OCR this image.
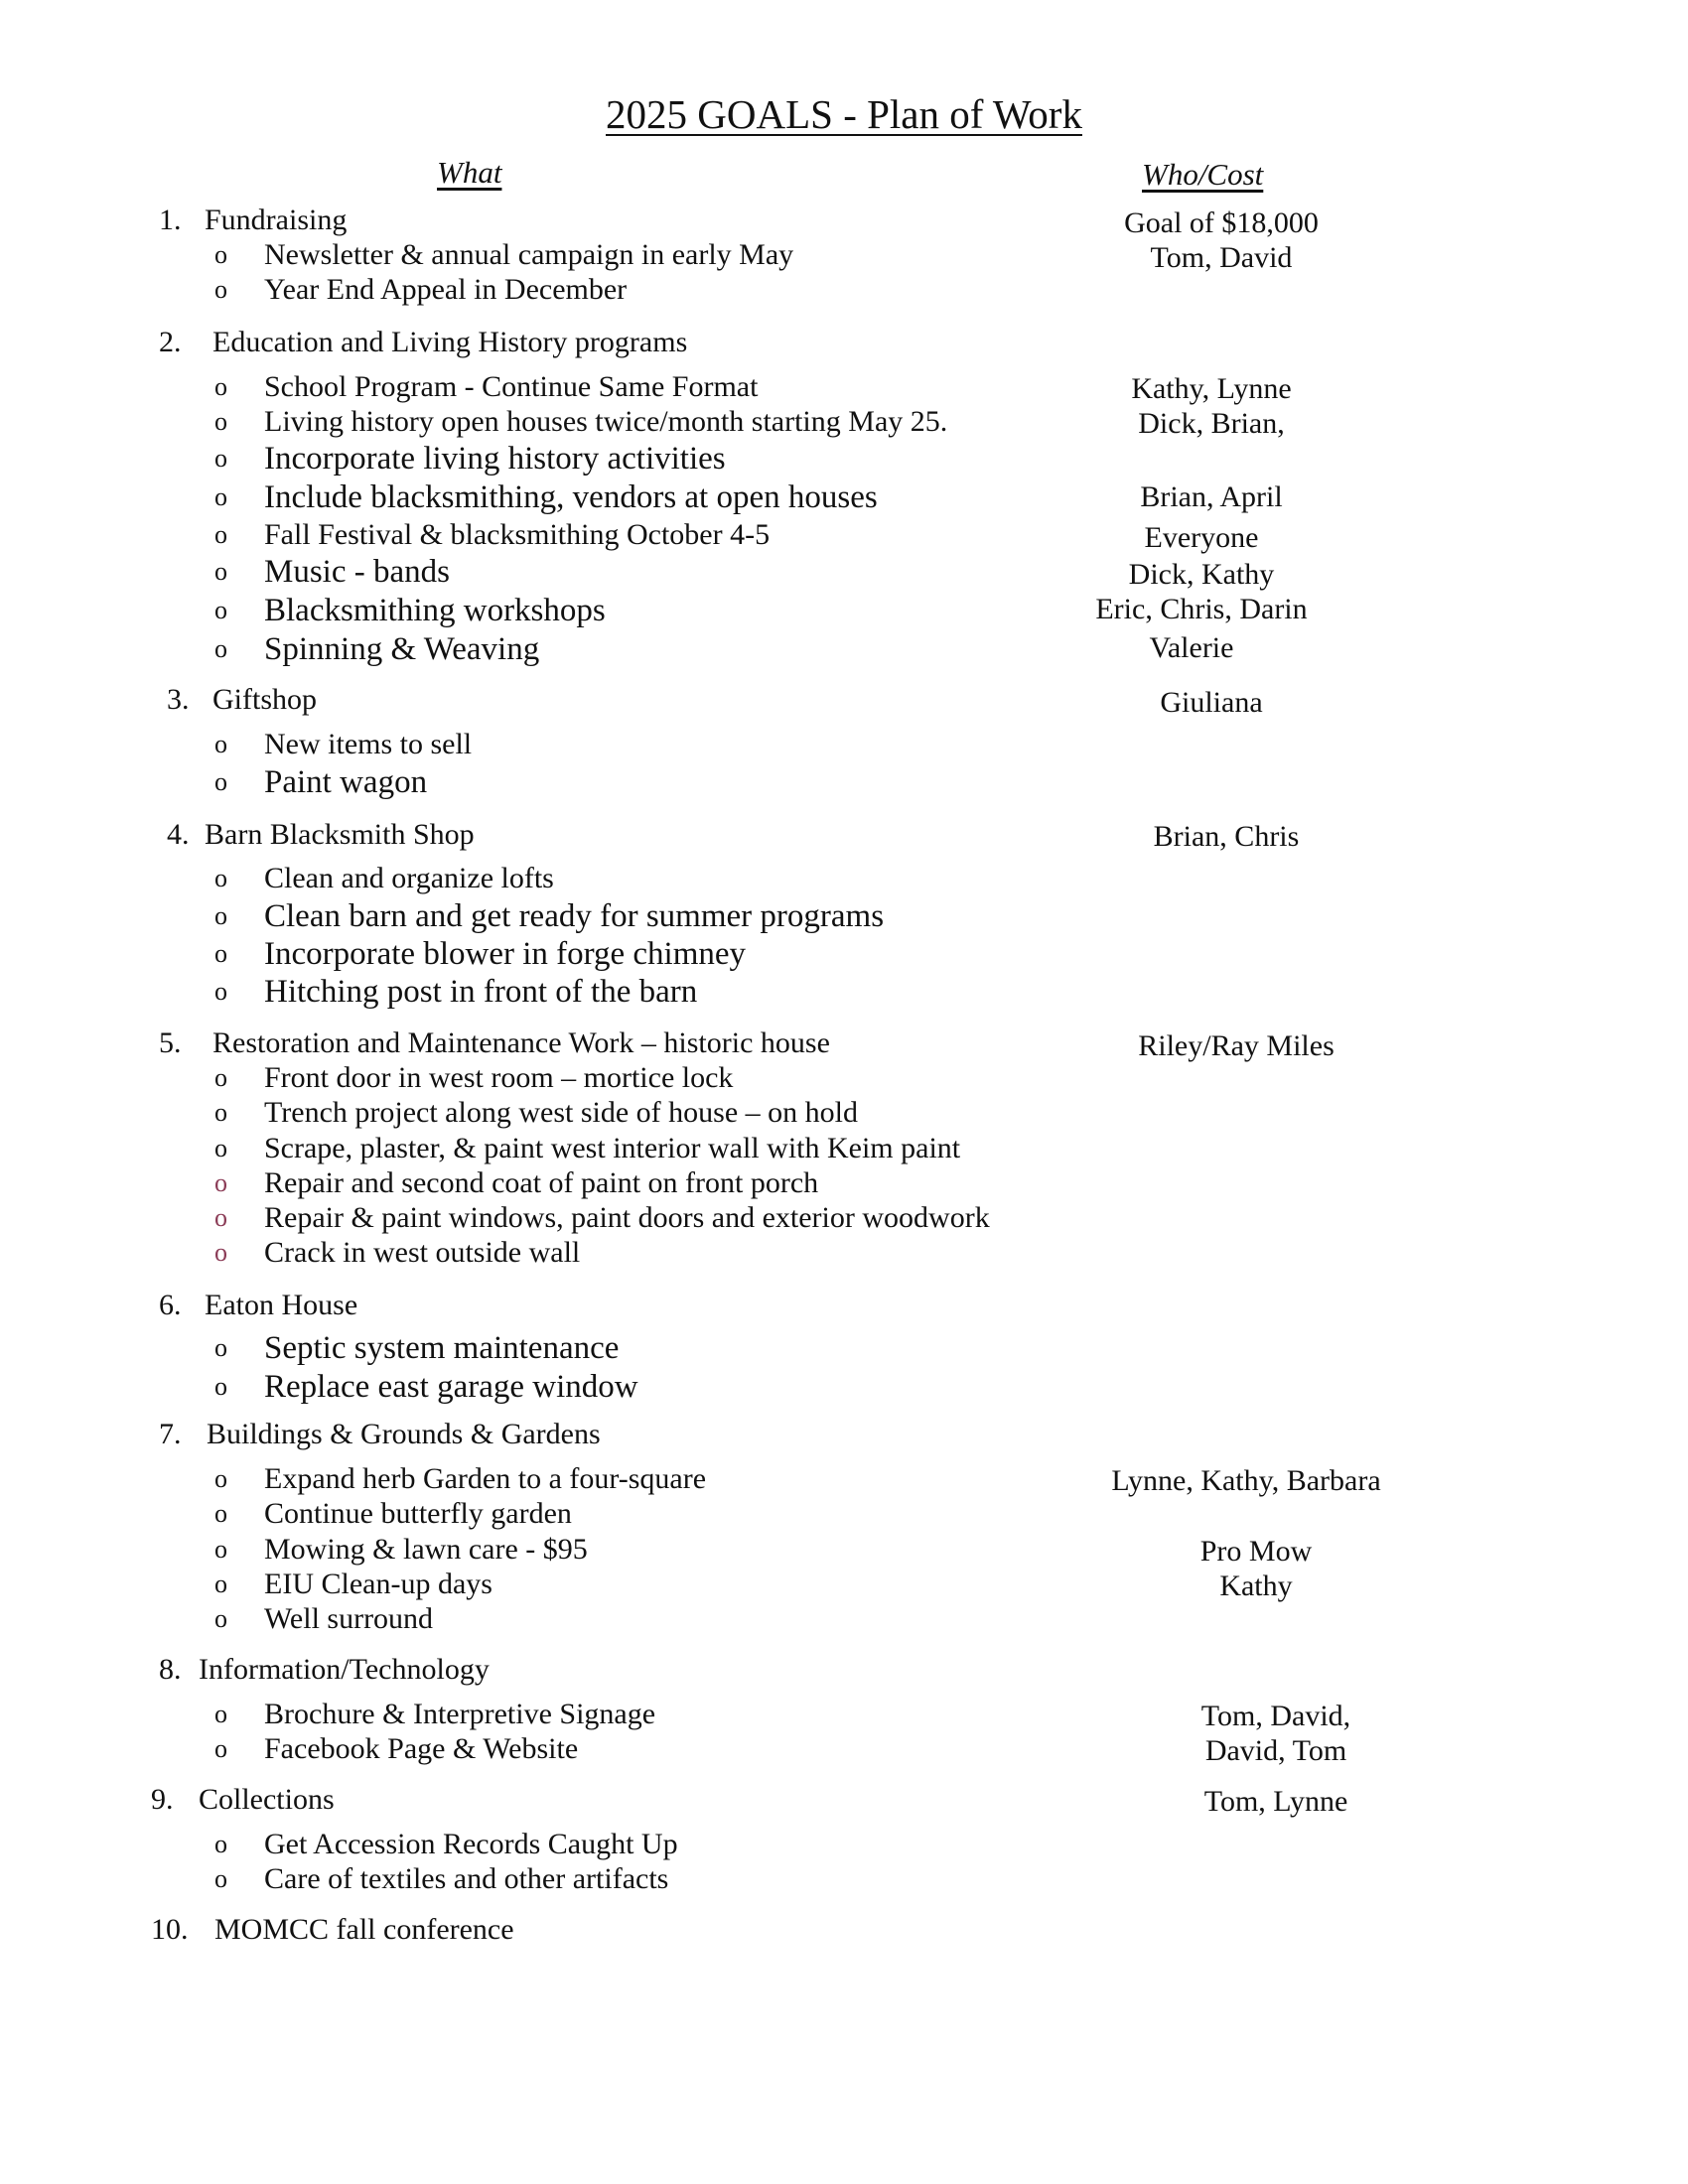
2025 GOALS - Plan of Work
What	Who/Cost
1. Fundraising	Goal of $18,000
o Newsletter & annual campaign in early May	Tom, David
o Year End Appeal in December
2. Education and Living History programs
o School Program - Continue Same Format	Kathy, Lynne
o Living history open houses twice/month starting May 25.	Dick, Brian,
o Incorporate living history activities
o Include blacksmithing, vendors at open houses	Brian, April
o Fall Festival & blacksmithing October 4-5	Everyone
o Music - bands	Dick, Kathy
o Blacksmithing workshops	Eric, Chris, Darin
o Spinning & Weaving	Valerie
3. Giftshop	Giuliana
o New items to sell
o Paint wagon
4. Barn Blacksmith Shop	Brian, Chris
o Clean and organize lofts
o Clean barn and get ready for summer programs
o Incorporate blower in forge chimney
o Hitching post in front of the barn
5. Restoration and Maintenance Work – historic house	Riley/Ray Miles
o Front door in west room – mortice lock
o Trench project along west side of house – on hold
o Scrape, plaster, & paint west interior wall with Keim paint
o Repair and second coat of paint on front porch
o Repair & paint windows, paint doors and exterior woodwork
o Crack in west outside wall
6. Eaton House
o Septic system maintenance
o Replace east garage window
7. Buildings & Grounds & Gardens
o Expand herb Garden to a four-square	Lynne, Kathy, Barbara
o Continue butterfly garden
o Mowing & lawn care - $95	Pro Mow
o EIU Clean-up days	Kathy
o Well surround
8. Information/Technology
o Brochure & Interpretive Signage	Tom, David,
o Facebook Page & Website	David, Tom
9. Collections	Tom, Lynne
o Get Accession Records Caught Up
o Care of textiles and other artifacts
10. MOMCC fall conference
